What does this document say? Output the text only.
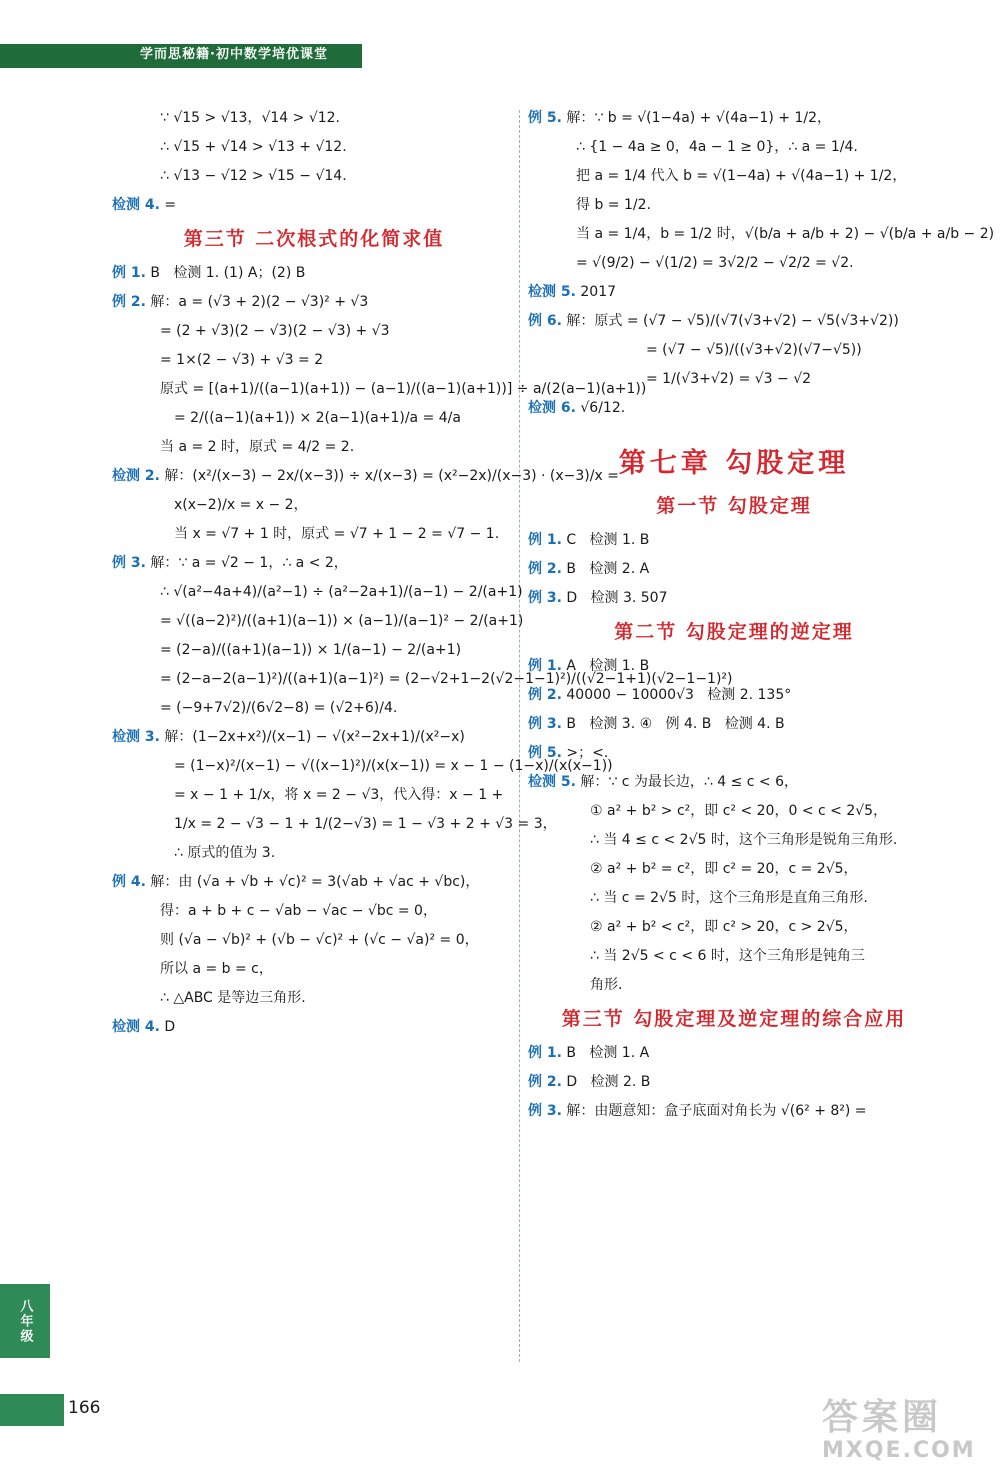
学而思秘籍·初中数学培优课堂
∵ √15 > √13，√14 > √12.
∴ √15 + √14 > √13 + √12.
∴ √13 − √12 > √15 − √14.
检测 4. =
第三节 二次根式的化简求值
例 1. B   检测 1. (1) A；(2) B
例 2. 解：a = (√3 + 2)(2 − √3)² + √3
= (2 + √3)(2 − √3)(2 − √3) + √3
= 1×(2 − √3) + √3 = 2
原式 = [(a+1)/((a−1)(a+1)) − (a−1)/((a−1)(a+1))] ÷ a/(2(a−1)(a+1))
= 2/((a−1)(a+1)) × 2(a−1)(a+1)/a = 4/a
当 a = 2 时，原式 = 4/2 = 2.
检测 2. 解：(x²/(x−3) − 2x/(x−3)) ÷ x/(x−3) = (x²−2x)/(x−3) · (x−3)/x =
x(x−2)/x = x − 2，
当 x = √7 + 1 时，原式 = √7 + 1 − 2 = √7 − 1.
例 3. 解：∵ a = √2 − 1，∴ a < 2，
∴ √(a²−4a+4)/(a²−1) ÷ (a²−2a+1)/(a−1) − 2/(a+1)
= √((a−2)²)/((a+1)(a−1)) × (a−1)/(a−1)² − 2/(a+1)
= (2−a)/((a+1)(a−1)) × 1/(a−1) − 2/(a+1)
= (2−a−2(a−1)²)/((a+1)(a−1)²) = (2−√2+1−2(√2−1−1)²)/((√2−1+1)(√2−1−1)²)
= (−9+7√2)/(6√2−8) = (√2+6)/4.
检测 3. 解：(1−2x+x²)/(x−1) − √(x²−2x+1)/(x²−x)
= (1−x)²/(x−1) − √((x−1)²)/(x(x−1)) = x − 1 − (1−x)/(x(x−1))
= x − 1 + 1/x，将 x = 2 − √3，代入得：x − 1 +
1/x = 2 − √3 − 1 + 1/(2−√3) = 1 − √3 + 2 + √3 = 3，
∴ 原式的值为 3.
例 4. 解：由 (√a + √b + √c)² = 3(√ab + √ac + √bc)，
得：a + b + c − √ab − √ac − √bc = 0，
则 (√a − √b)² + (√b − √c)² + (√c − √a)² = 0，
所以 a = b = c，
∴ △ABC 是等边三角形.
检测 4. D
例 5. 解：∵ b = √(1−4a) + √(4a−1) + 1/2，
∴ {1 − 4a ≥ 0，4a − 1 ≥ 0}，∴ a = 1/4.
把 a = 1/4 代入 b = √(1−4a) + √(4a−1) + 1/2，
得 b = 1/2.
当 a = 1/4，b = 1/2 时，√(b/a + a/b + 2) − √(b/a + a/b − 2)
= √(9/2) − √(1/2) = 3√2/2 − √2/2 = √2.
检测 5. 2017
例 6. 解：原式 = (√7 − √5)/(√7(√3+√2) − √5(√3+√2))
= (√7 − √5)/((√3+√2)(√7−√5))
= 1/(√3+√2) = √3 − √2
检测 6. √6/12.
第七章 勾股定理
第一节 勾股定理
例 1. C   检测 1. B
例 2. B   检测 2. A
例 3. D   检测 3. 507
第二节 勾股定理的逆定理
例 1. A   检测 1. B
例 2. 40000 − 10000√3   检测 2. 135°
例 3. B   检测 3. ④   例 4. B   检测 4. B
例 5. >；<.
检测 5. 解：∵ c 为最长边，∴ 4 ≤ c < 6，
① a² + b² > c²，即 c² < 20，0 < c < 2√5，
∴ 当 4 ≤ c < 2√5 时，这个三角形是锐角三角形.
② a² + b² = c²，即 c² = 20，c = 2√5，
∴ 当 c = 2√5 时，这个三角形是直角三角形.
② a² + b² < c²，即 c² > 20，c > 2√5，
∴ 当 2√5 < c < 6 时，这个三角形是钝角三
角形.
第三节 勾股定理及逆定理的综合应用
例 1. B   检测 1. A
例 2. D   检测 2. B
例 3. 解：由题意知：盒子底面对角长为 √(6² + 8²) =
八年级
166	答案圈
MXQE.COM
